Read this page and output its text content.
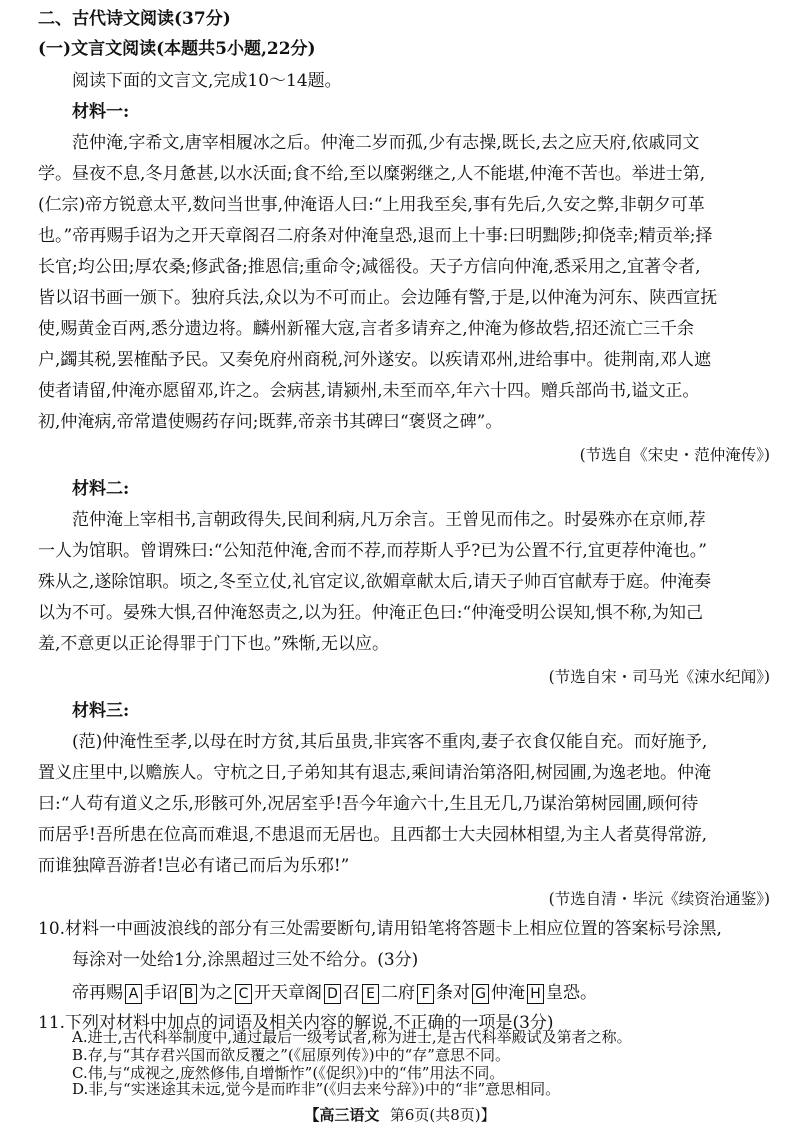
二、古代诗文阅读(37分)
(一)文言文阅读(本题共5小题,22分)
阅读下面的文言文,完成10～14题。
材料一:
范仲淹,字希文,唐宰相履冰之后。仲淹二岁而孤,少有志操,既长,去之应天府,依戚同文
学。昼夜不息,冬月惫甚,以水沃面;食不给,至以糜粥继之,人不能堪,仲淹不苦也。举进士第,
(仁宗)帝方锐意太平,数问当世事,仲淹语人曰:“上用我至矣,事有先后,久安之弊,非朝夕可革
也。”帝再赐手诏为之开天章阁召二府条对仲淹皇恐,退而上十事:曰明黜陟;抑侥幸;精贡举;择
长官;均公田;厚农桑;修武备;推恩信;重命令;减徭役。天子方信向仲淹,悉采用之,宜著令者,
皆以诏书画一颁下。独府兵法,众以为不可而止。会边陲有警,于是,以仲淹为河东、陕西宣抚
使,赐黄金百两,悉分遗边将。麟州新罹大寇,言者多请弃之,仲淹为修故砦,招还流亡三千余
户,蠲其税,罢榷酤予民。又奏免府州商税,河外遂安。以疾请邓州,进给事中。徙荆南,邓人遮
使者请留,仲淹亦愿留邓,许之。会病甚,请颍州,未至而卒,年六十四。赠兵部尚书,谥文正。
初,仲淹病,帝常遣使赐药存问;既葬,帝亲书其碑曰“褒贤之碑”。
(节选自《宋史・范仲淹传》)
材料二:
范仲淹上宰相书,言朝政得失,民间利病,凡万余言。王曾见而伟之。时晏殊亦在京师,荐
一人为馆职。曾谓殊曰:“公知范仲淹,舍而不荐,而荐斯人乎?已为公置不行,宜更荐仲淹也。”
殊从之,遂除馆职。顷之,冬至立仗,礼官定议,欲媚章献太后,请天子帅百官献寿于庭。仲淹奏
以为不可。晏殊大惧,召仲淹怒责之,以为狂。仲淹正色曰:“仲淹受明公误知,惧不称,为知己
羞,不意更以正论得罪于门下也。”殊惭,无以应。
(节选自宋・司马光《涑水纪闻》)
材料三:
(范)仲淹性至孝,以母在时方贫,其后虽贵,非宾客不重肉,妻子衣食仅能自充。而好施予,
置义庄里中,以赡族人。守杭之日,子弟知其有退志,乘间请治第洛阳,树园圃,为逸老地。仲淹
曰:“人苟有道义之乐,形骸可外,况居室乎!吾今年逾六十,生且无几,乃谋治第树园圃,顾何待
而居乎!吾所患在位高而难退,不患退而无居也。且西都士大夫园林相望,为主人者莫得常游,
而谁独障吾游者!岂必有诸己而后为乐邪!”
(节选自清・毕沅《续资治通鉴》)
10.材料一中画波浪线的部分有三处需要断句,请用铅笔将答题卡上相应位置的答案标号涂黑,
每涂对一处给1分,涂黑超过三处不给分。(3分)
帝再赐 A 手诏 B 为之 C 开天章阁 D 召 E 二府 F 条对 G 仲淹 H 皇恐。
11.下列对材料中加点的词语及相关内容的解说,不正确的一项是(3分)
A.进士,古代科举制度中,通过最后一级考试者,称为进士,是古代科举殿试及第者之称。
B.存,与“其存君兴国而欲反覆之”(《屈原列传》)中的“存”意思不同。
C.伟,与“成视之,庞然修伟,自增惭怍”(《促织》)中的“伟”用法不同。
【高三语文 第6页(共8页)】
D.非,与“实迷途其未远,觉今是而昨非”(《归去来兮辞》)中的“非”意思相同。
